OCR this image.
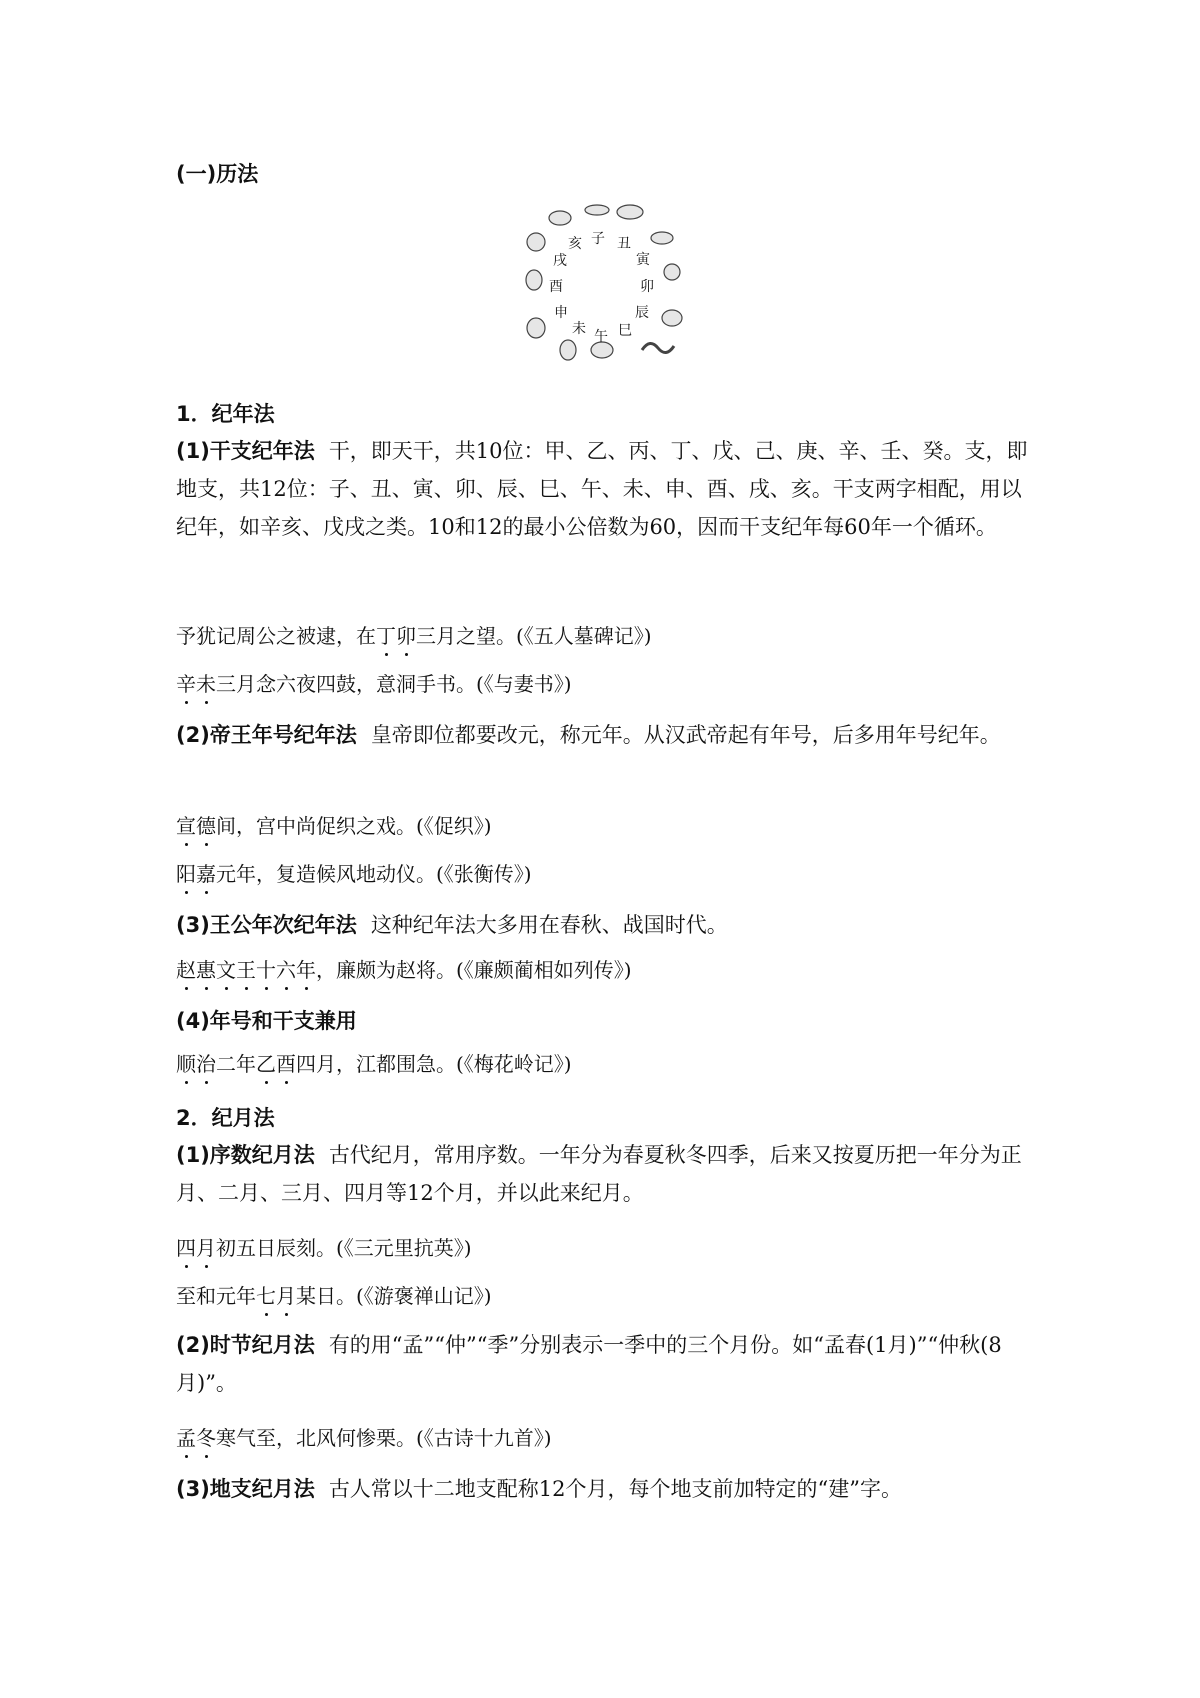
(一)历法
子 丑
寅
卯
辰
巳
午
未
申
酉
戌
亥
1．纪年法

(1)干支纪年法 干，即天干，共10位：甲、乙、丙、丁、戊、己、庚、辛、壬、癸。支，即地支，共12位：子、丑、寅、卯、辰、巳、午、未、申、酉、戌、亥。干支两字相配，用以纪年，如辛亥、戊戌之类。10和12的最小公倍数为60，因而干支纪年每60年一个循环。

予犹记周公之被逮，在丁卯三月之望。(《五人墓碑记》)
辛未三月念六夜四鼓，意洞手书。(《与妻书》)

(2)帝王年号纪年法 皇帝即位都要改元，称元年。从汉武帝起有年号，后多用年号纪年。

宣德间，宫中尚促织之戏。(《促织》)
阳嘉元年，复造候风地动仪。(《张衡传》)

(3)王公年次纪年法 这种纪年法大多用在春秋、战国时代。

赵惠文王十六年，廉颇为赵将。(《廉颇蔺相如列传》)

(4)年号和干支兼用

顺治二年乙酉四月，江都围急。(《梅花岭记》)
2．纪月法

(1)序数纪月法 古代纪月，常用序数。一年分为春夏秋冬四季，后来又按夏历把一年分为正月、二月、三月、四月等12个月，并以此来纪月。

四月初五日辰刻。(《三元里抗英》)
至和元年七月某日。(《游褒禅山记》)

(2)时节纪月法 有的用“孟”“仲”“季”分别表示一季中的三个月份。如“孟春(1月)”“仲秋(8月)”。

孟冬寒气至，北风何惨栗。(《古诗十九首》)

(3)地支纪月法 古人常以十二地支配称12个月，每个地支前加特定的“建”字。
